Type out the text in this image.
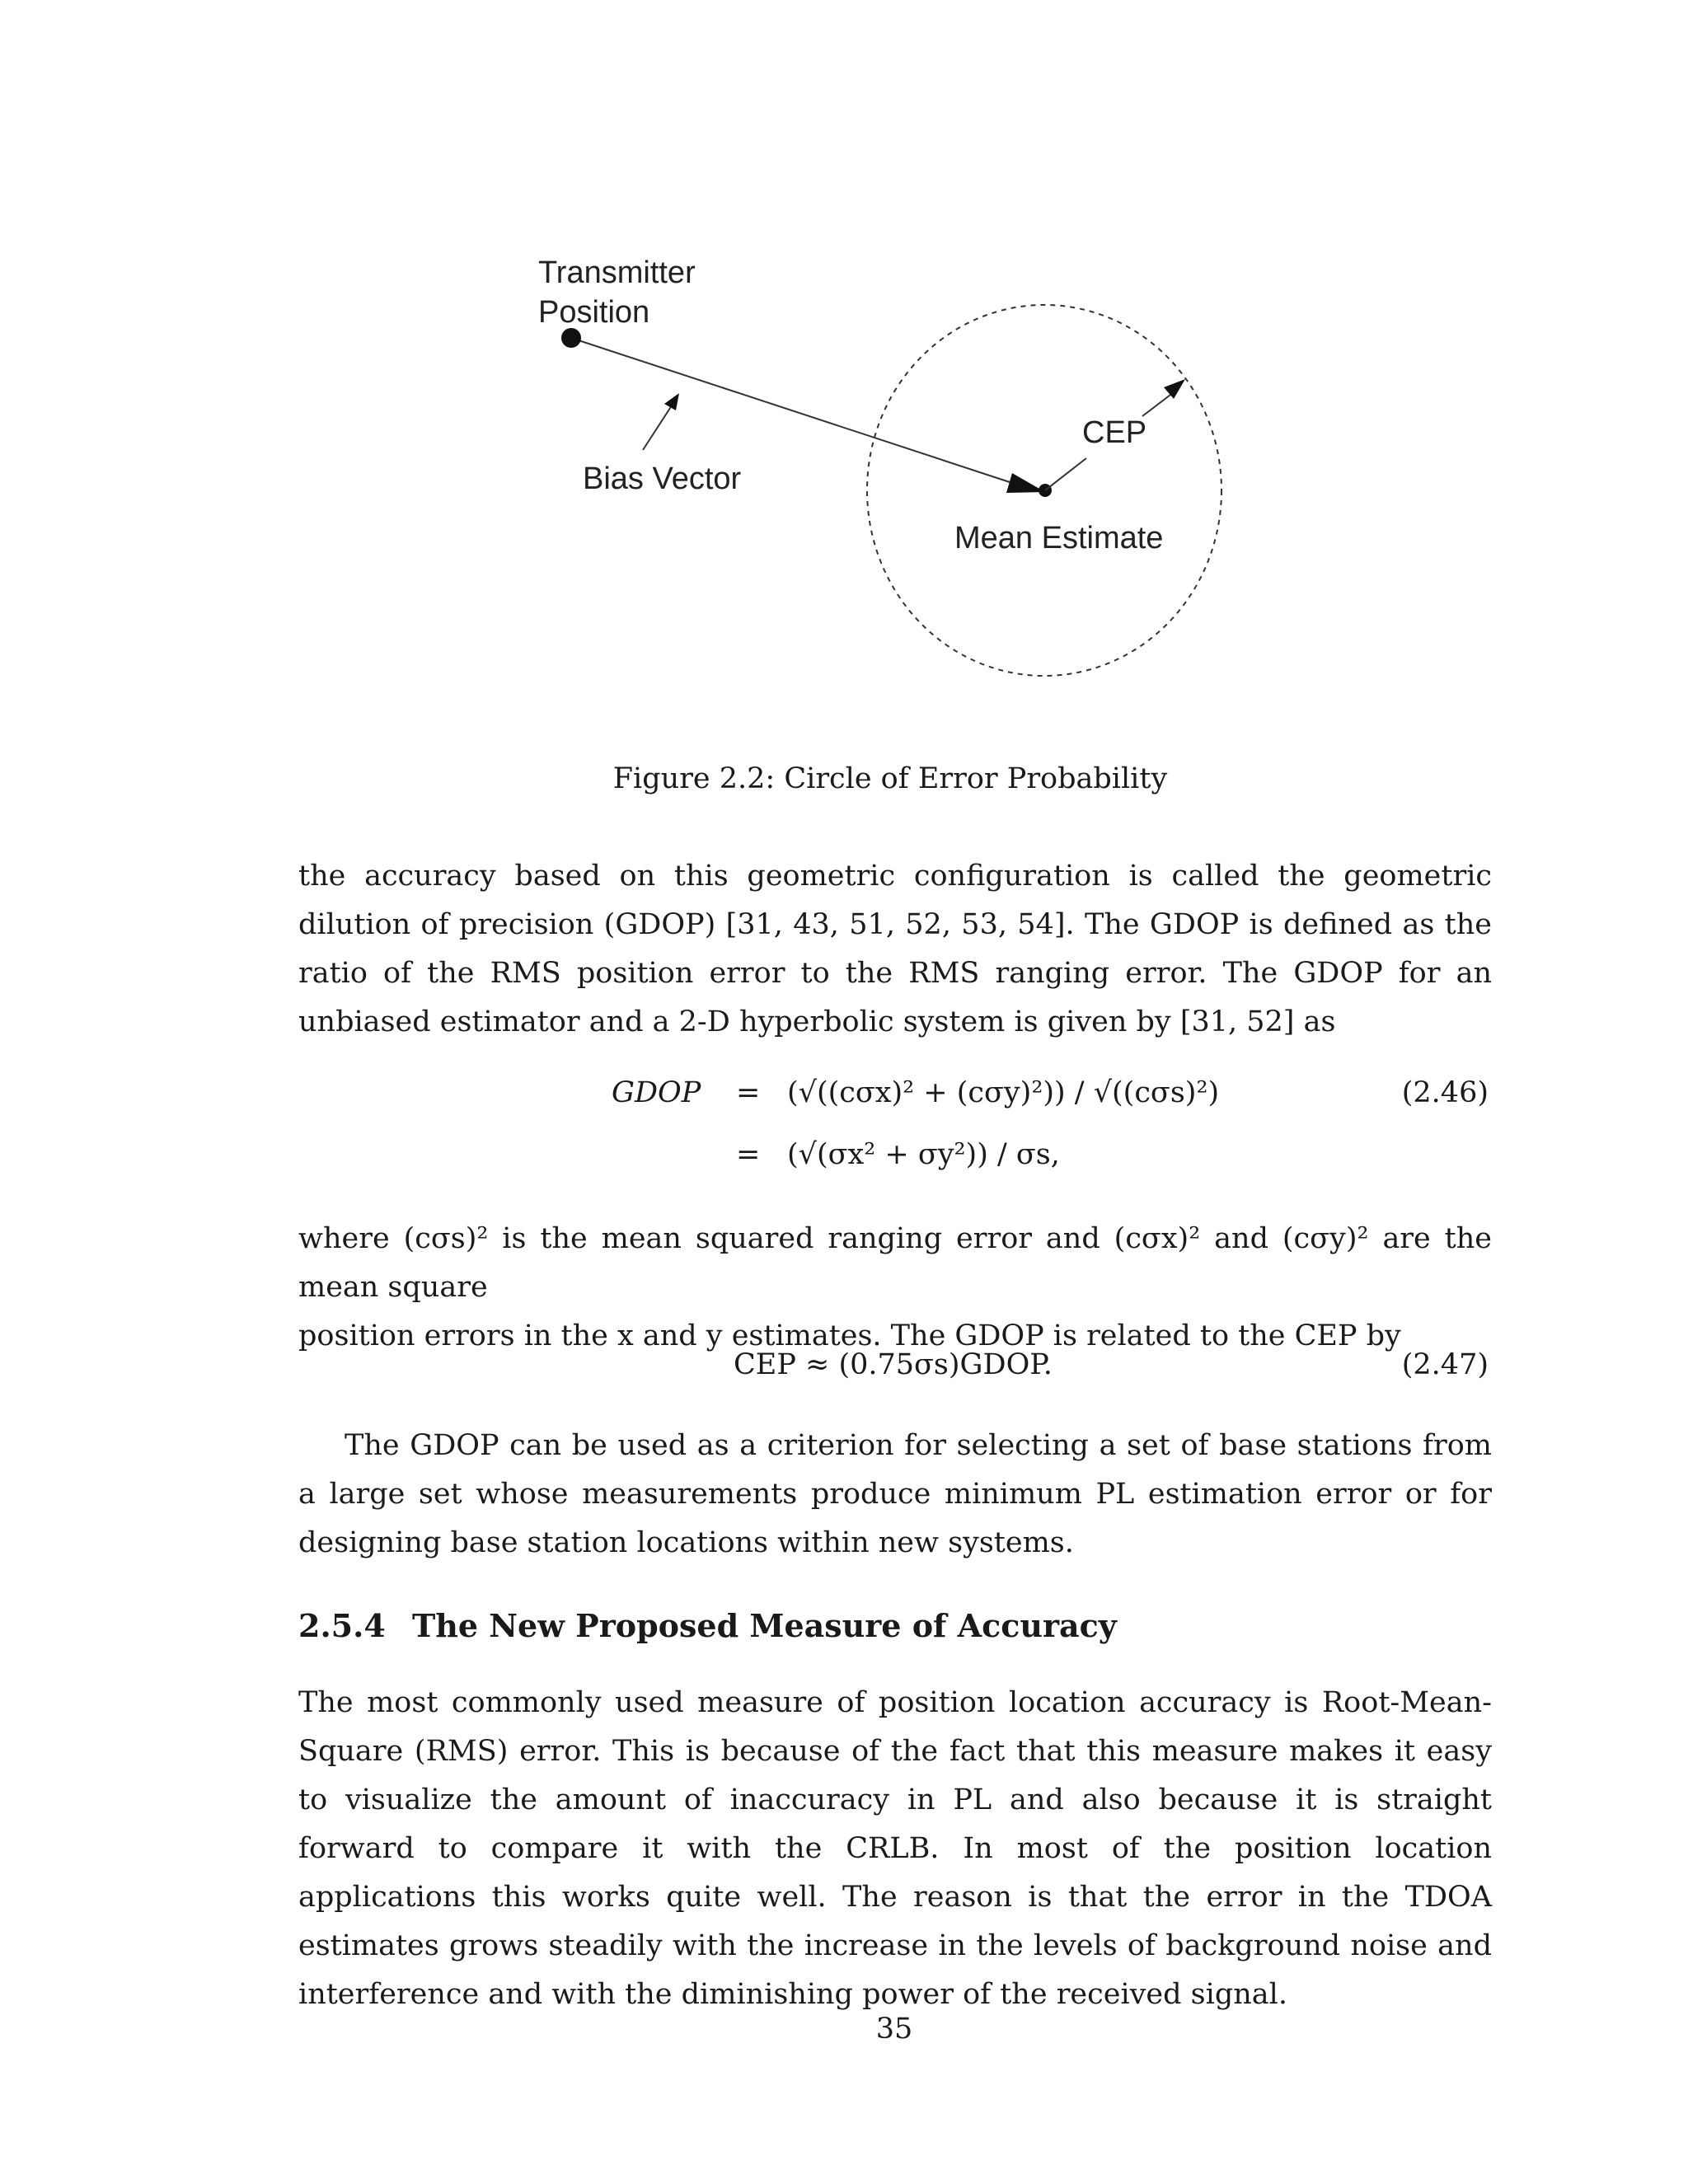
Transmitter
Position
Bias Vector
CEP
Mean Estimate
Figure 2.2: Circle of Error Probability
the accuracy based on this geometric configuration is called the geometric dilution of precision (GDOP) [31, 43, 51, 52, 53, 54]. The GDOP is defined as the ratio of the RMS position error to the RMS ranging error. The GDOP for an unbiased estimator and a 2-D hyperbolic system is given by [31, 52] as
GDOP = (√((cσx)² + (cσy)²)) / √((cσs)²)	(2.46)
= (√(σx² + σy²)) / σs,
where (cσs)² is the mean squared ranging error and (cσx)² and (cσy)² are the mean square
position errors in the x and y estimates. The GDOP is related to the CEP by
CEP ≈ (0.75σs)GDOP.	(2.47)
The GDOP can be used as a criterion for selecting a set of base stations from a large set whose measurements produce minimum PL estimation error or for designing base station locations within new systems.
2.5.4 The New Proposed Measure of Accuracy
The most commonly used measure of position location accuracy is Root-Mean-Square (RMS) error. This is because of the fact that this measure makes it easy to visualize the amount of inaccuracy in PL and also because it is straight forward to compare it with the CRLB. In most of the position location applications this works quite well. The reason is that the error in the TDOA estimates grows steadily with the increase in the levels of background noise and interference and with the diminishing power of the received signal.
35
